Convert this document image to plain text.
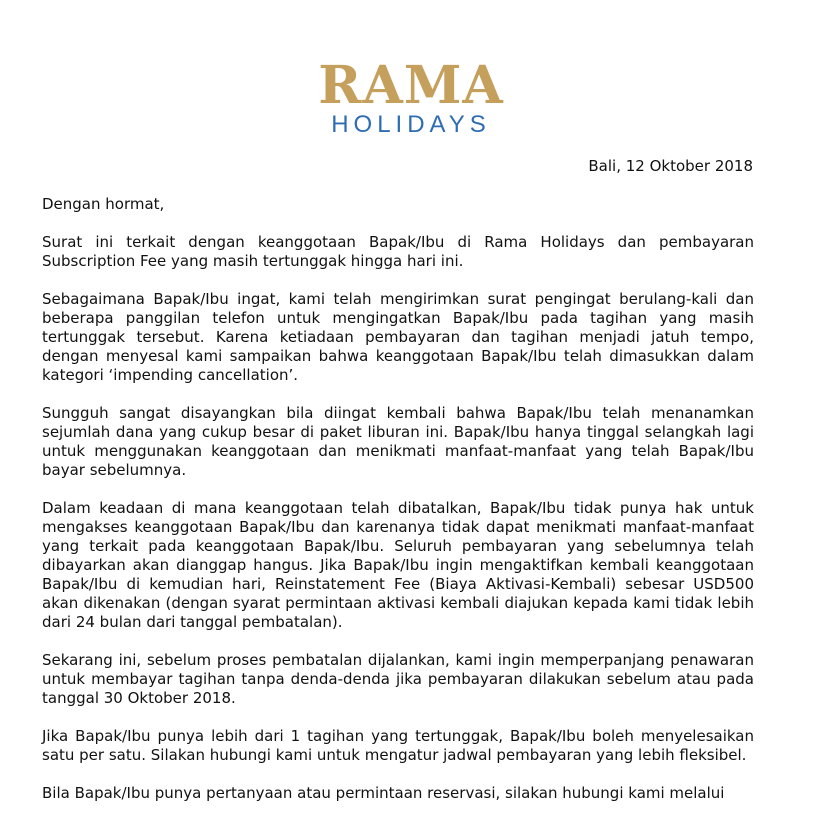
RAMA
HOLIDAYS
Bali, 12 Oktober 2018

Dengan hormat,

Surat ini terkait dengan keanggotaan Bapak/Ibu di Rama Holidays dan pembayaran Subscription Fee yang masih tertunggak hingga hari ini.

Sebagaimana Bapak/Ibu ingat, kami telah mengirimkan surat pengingat berulang-kali dan beberapa panggilan telefon untuk mengingatkan Bapak/Ibu pada tagihan yang masih tertunggak tersebut. Karena ketiadaan pembayaran dan tagihan menjadi jatuh tempo, dengan menyesal kami sampaikan bahwa keanggotaan Bapak/Ibu telah dimasukkan dalam kategori ‘impending cancellation’.

Sungguh sangat disayangkan bila diingat kembali bahwa Bapak/Ibu telah menanamkan sejumlah dana yang cukup besar di paket liburan ini. Bapak/Ibu hanya tinggal selangkah lagi untuk menggunakan keanggotaan dan menikmati manfaat-manfaat yang telah Bapak/Ibu bayar sebelumnya.

Dalam keadaan di mana keanggotaan telah dibatalkan, Bapak/Ibu tidak punya hak untuk mengakses keanggotaan Bapak/Ibu dan karenanya tidak dapat menikmati manfaat-manfaat yang terkait pada keanggotaan Bapak/Ibu. Seluruh pembayaran yang sebelumnya telah dibayarkan akan dianggap hangus. Jika Bapak/Ibu ingin mengaktifkan kembali keanggotaan Bapak/Ibu di kemudian hari, Reinstatement Fee (Biaya Aktivasi-Kembali) sebesar USD500 akan dikenakan (dengan syarat permintaan aktivasi kembali diajukan kepada kami tidak lebih dari 24 bulan dari tanggal pembatalan).

Sekarang ini, sebelum proses pembatalan dijalankan, kami ingin memperpanjang penawaran untuk membayar tagihan tanpa denda-denda jika pembayaran dilakukan sebelum atau pada tanggal 30 Oktober 2018.

Jika Bapak/Ibu punya lebih dari 1 tagihan yang tertunggak, Bapak/Ibu boleh menyelesaikan satu per satu. Silakan hubungi kami untuk mengatur jadwal pembayaran yang lebih fleksibel.

Bila Bapak/Ibu punya pertanyaan atau permintaan reservasi, silakan hubungi kami melalui
